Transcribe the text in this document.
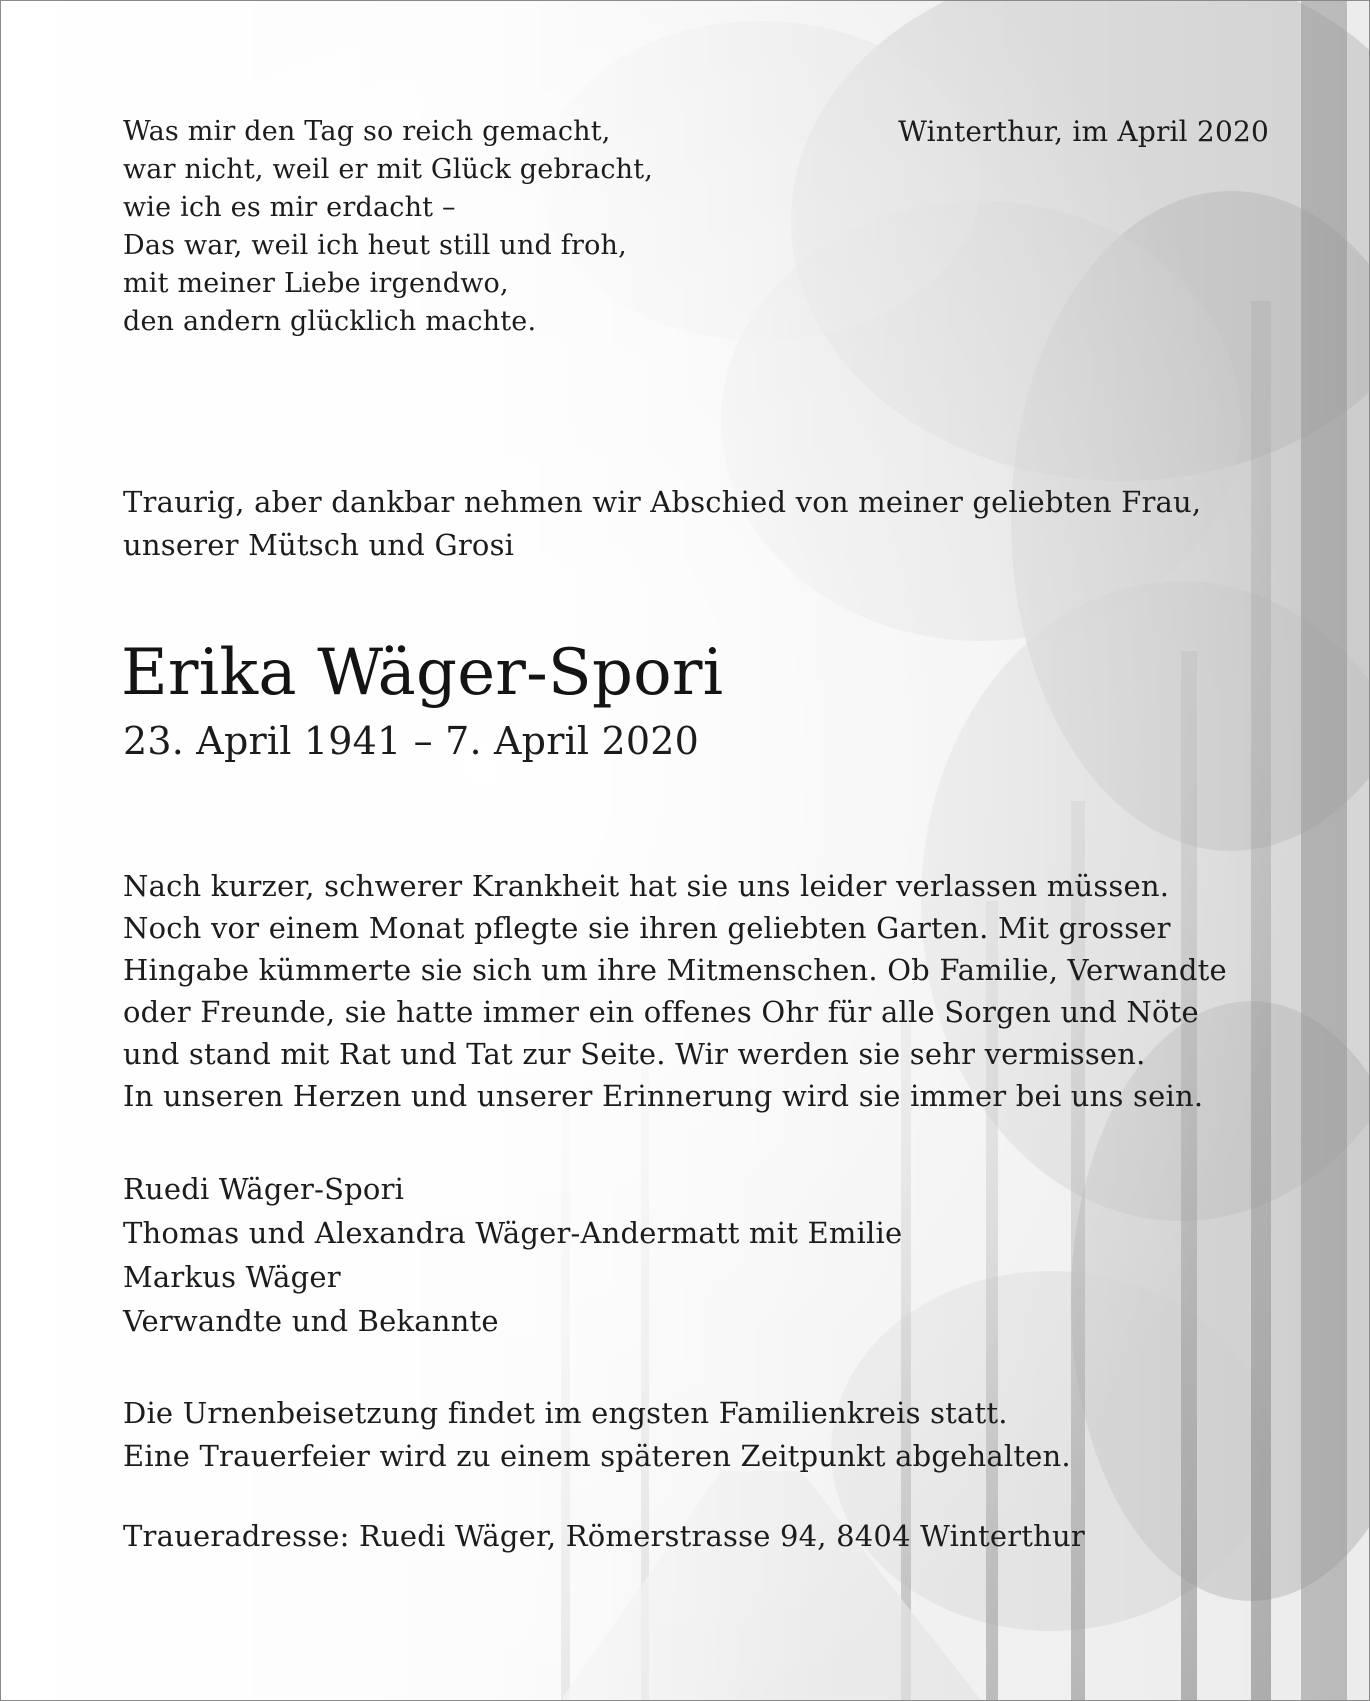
Was mir den Tag so reich gemacht,
war nicht, weil er mit Glück gebracht,
wie ich es mir erdacht –
Das war, weil ich heut still und froh,
mit meiner Liebe irgendwo,
den andern glücklich machte.
Winterthur, im April 2020
Traurig, aber dankbar nehmen wir Abschied von meiner geliebten Frau,
unserer Mütsch und Grosi
Erika Wäger-Spori
23. April 1941 – 7. April 2020
Nach kurzer, schwerer Krankheit hat sie uns leider verlassen müssen.
Noch vor einem Monat pflegte sie ihren geliebten Garten. Mit grosser
Hingabe kümmerte sie sich um ihre Mitmenschen. Ob Familie, Verwandte
oder Freunde, sie hatte immer ein offenes Ohr für alle Sorgen und Nöte
und stand mit Rat und Tat zur Seite. Wir werden sie sehr vermissen.
In unseren Herzen und unserer Erinnerung wird sie immer bei uns sein.
Ruedi Wäger-Spori
Thomas und Alexandra Wäger-Andermatt mit Emilie
Markus Wäger
Verwandte und Bekannte
Die Urnenbeisetzung findet im engsten Familienkreis statt.
Eine Trauerfeier wird zu einem späteren Zeitpunkt abgehalten.
Traueradresse: Ruedi Wäger, Römerstrasse 94, 8404 Winterthur
